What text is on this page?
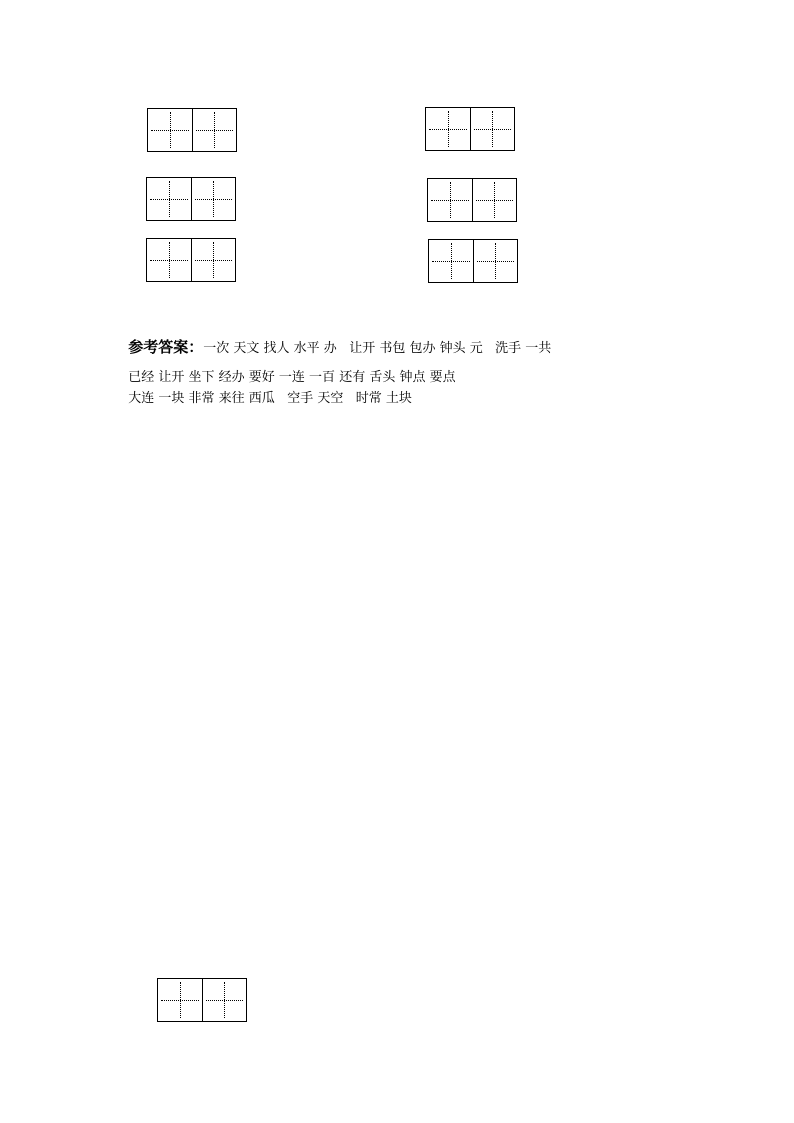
参考答案：一次 天文 找人 水平 办   让开 书包 包办 钟头 元   洗手 一共

已经 让开 坐下 经办 要好 一连 一百 还有 舌头 钟点 要点

大连 一块 非常 来往 西瓜   空手 天空   时常 土块
